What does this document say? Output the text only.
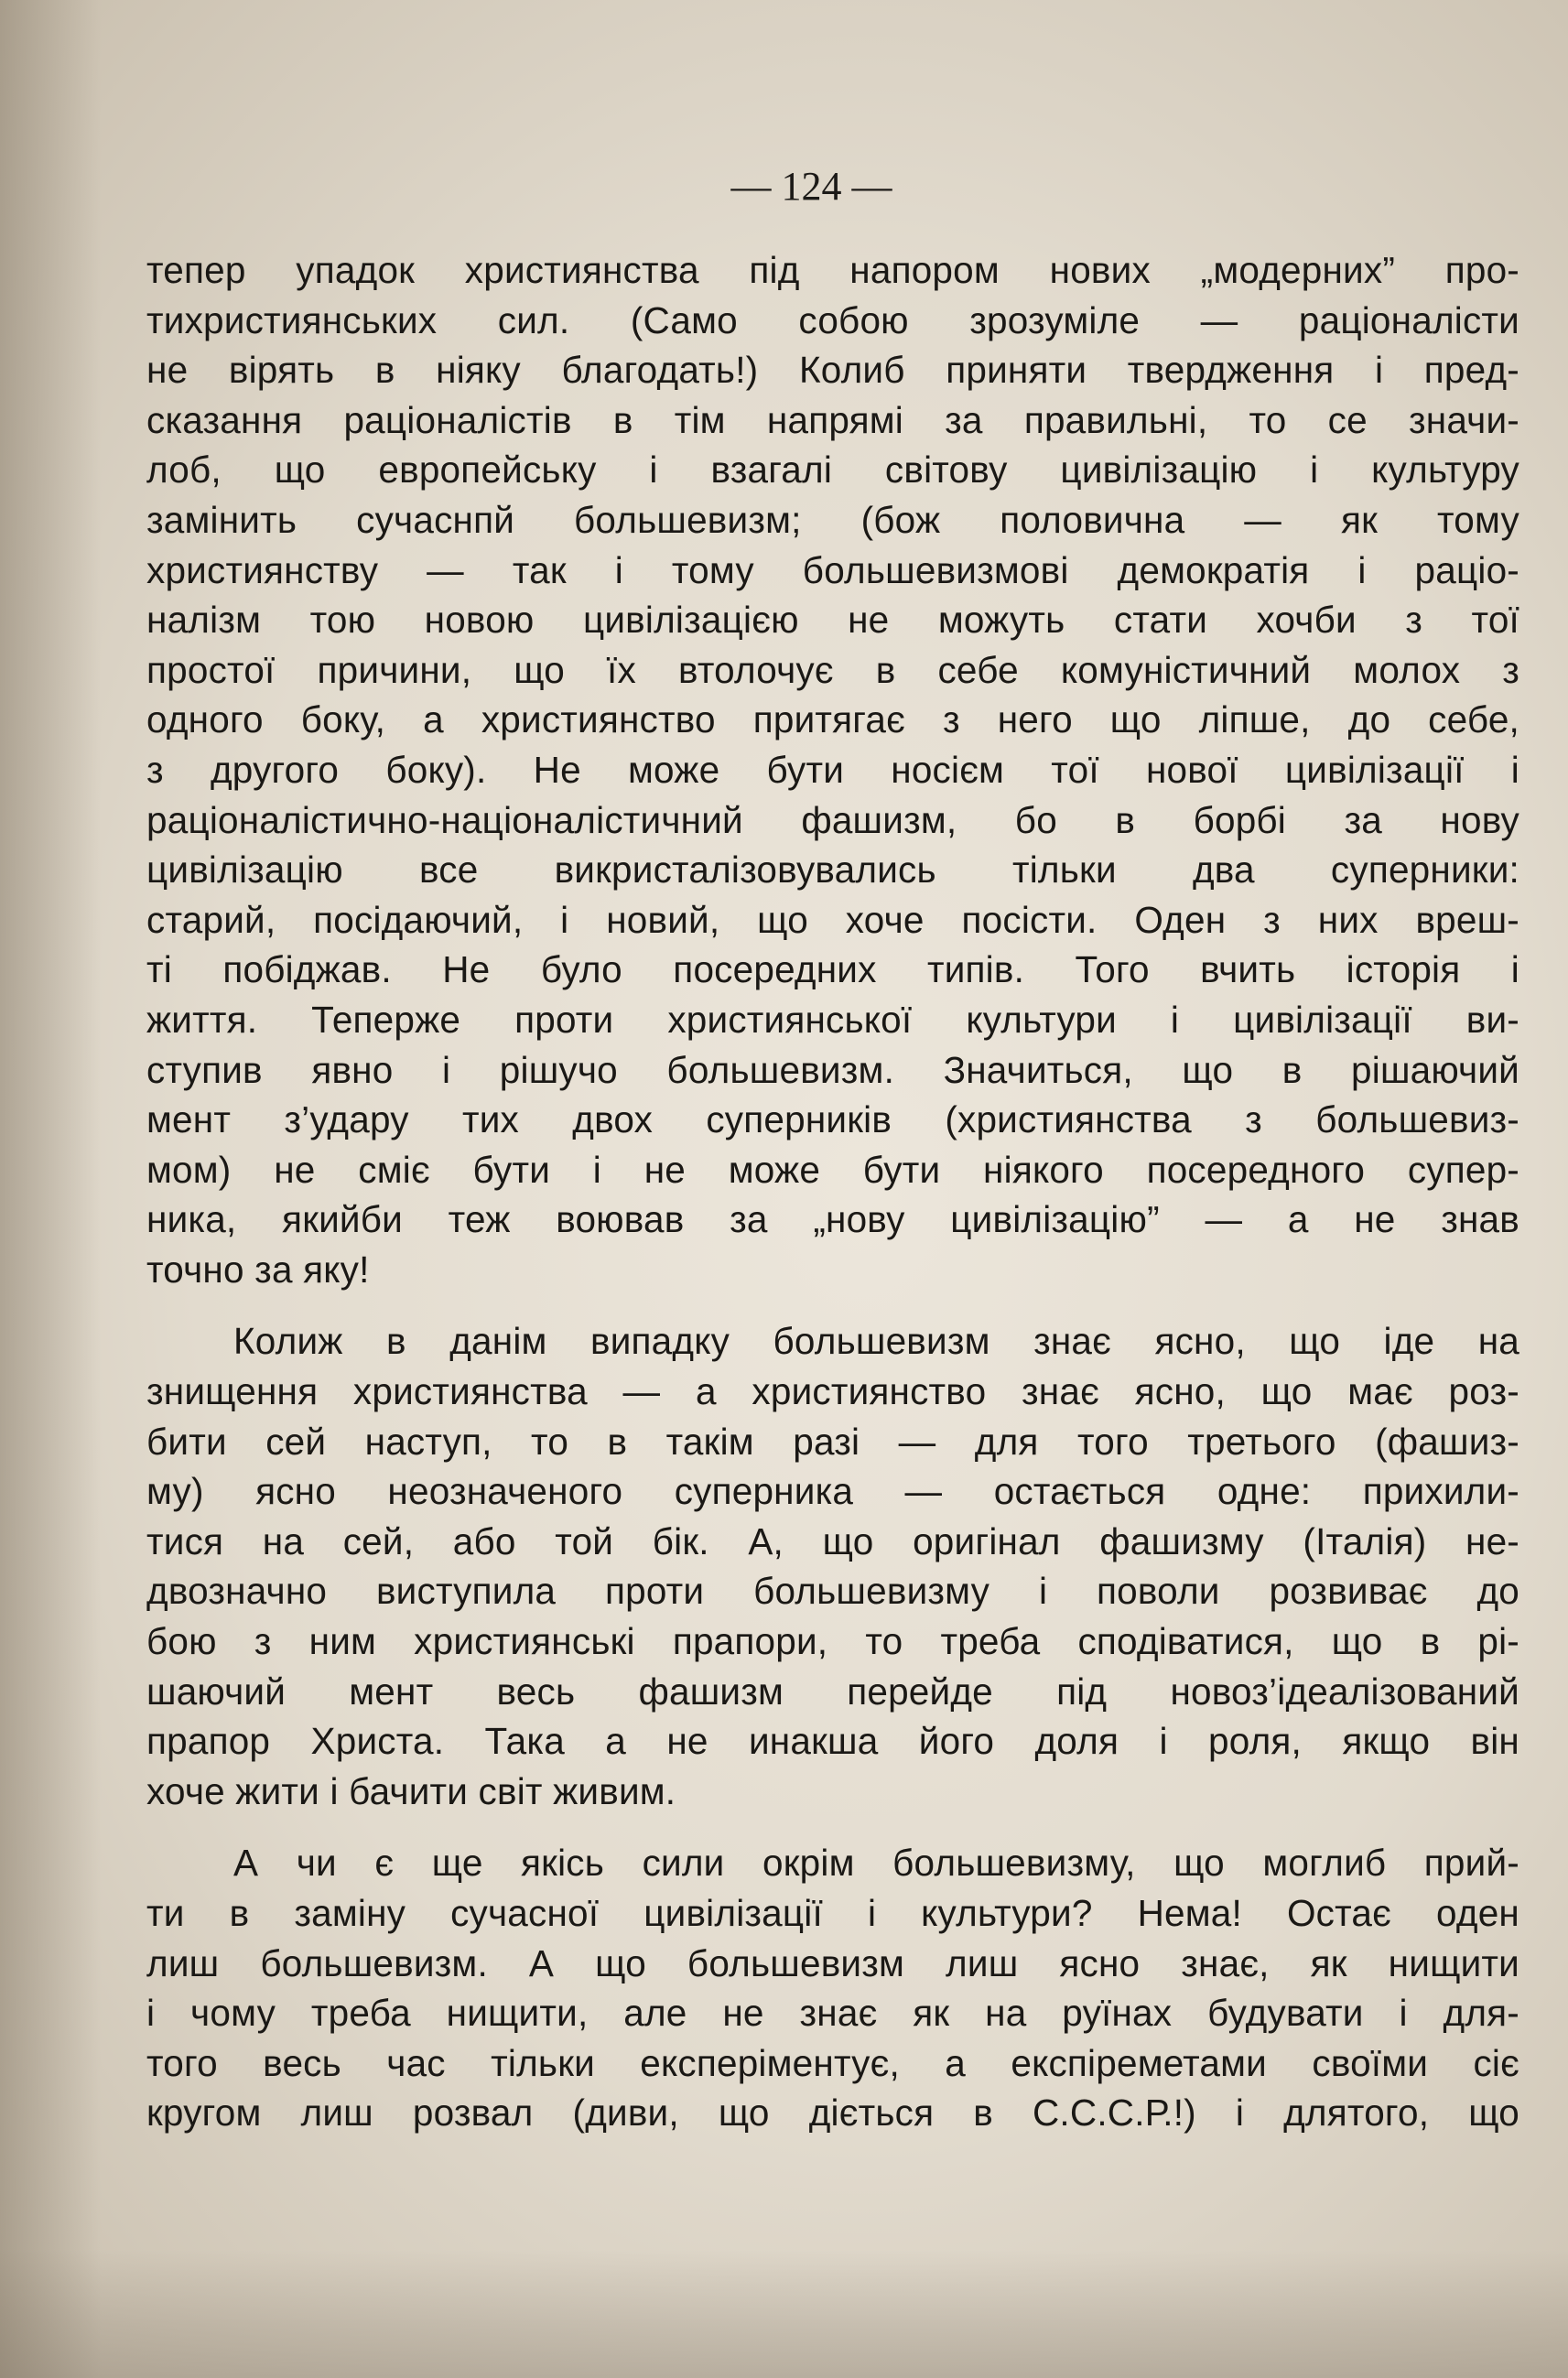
— 124 —

тепер упадок християнства під напором нових „модерних” про-
тихристиянських сил. (Само собою зрозуміле — раціоналісти
не вірять в ніяку благодать!) Колиб приняти твердження і пред-
сказання раціоналістів в тім напрямі за правильні, то се значи-
лоб, що европейську і взагалі світову цивілізацію і культуру
замінить сучаснпй большевизм; (бож половична — як тому
християнству — так і тому большевизмові демократія і раціо-
налізм тою новою цивілізацією не можуть стати хочби з тої
простої причини, що їх втолочує в себе комуністичний молох з
одного боку, а християнство притягає з него що ліпше, до себе,
з другого боку). Не може бути носієм тої нової цивілізації і
раціоналістично-націоналістичний фашизм, бо в борбі за нову
цивілізацію все викристалізовувались тільки два суперники:
старий, посідаючий, і новий, що хоче посісти. Оден з них вреш-
ті побіджав. Не було посередних типів. Того вчить історія і
життя. Теперже проти християнської культури і цивілізації ви-
ступив явно і рішучо большевизм. Значиться, що в рішаючий
мент з’удару тих двох суперників (християнства з большевиз-
мом) не сміє бути і не може бути ніякого посередного супер-
ника, якийби теж воював за „нову цивілізацію” — а не знав
точно за яку!

Колиж в данім випадку большевизм знає ясно, що іде на
знищення християнства — а християнство знає ясно, що має роз-
бити сей наступ, то в такім разі — для того третього (фашиз-
му) ясно неозначеного суперника — остається одне: прихили-
тися на сей, або той бік. А, що оригінал фашизму (Італія) не-
двозначно виступила проти большевизму і поволи розвиває до
бою з ним християнські прапори, то треба сподіватися, що в рі-
шаючий мент весь фашизм перейде під новоз’ідеалізований
прапор Христа. Така а не инакша його доля і роля, якщо він
хоче жити і бачити світ живим.

А чи є ще якісь сили окрім большевизму, що моглиб прий-
ти в заміну сучасної цивілізації і культури? Нема! Остає оден
лиш большевизм. А що большевизм лиш ясно знає, як нищити
і чому треба нищити, але не знає як на руїнах будувати і для-
того весь час тільки експеріментує, а експіреметами своїми сіє
кругом лиш розвал (диви, що діється в С.С.С.Р.!) і длятого, що
